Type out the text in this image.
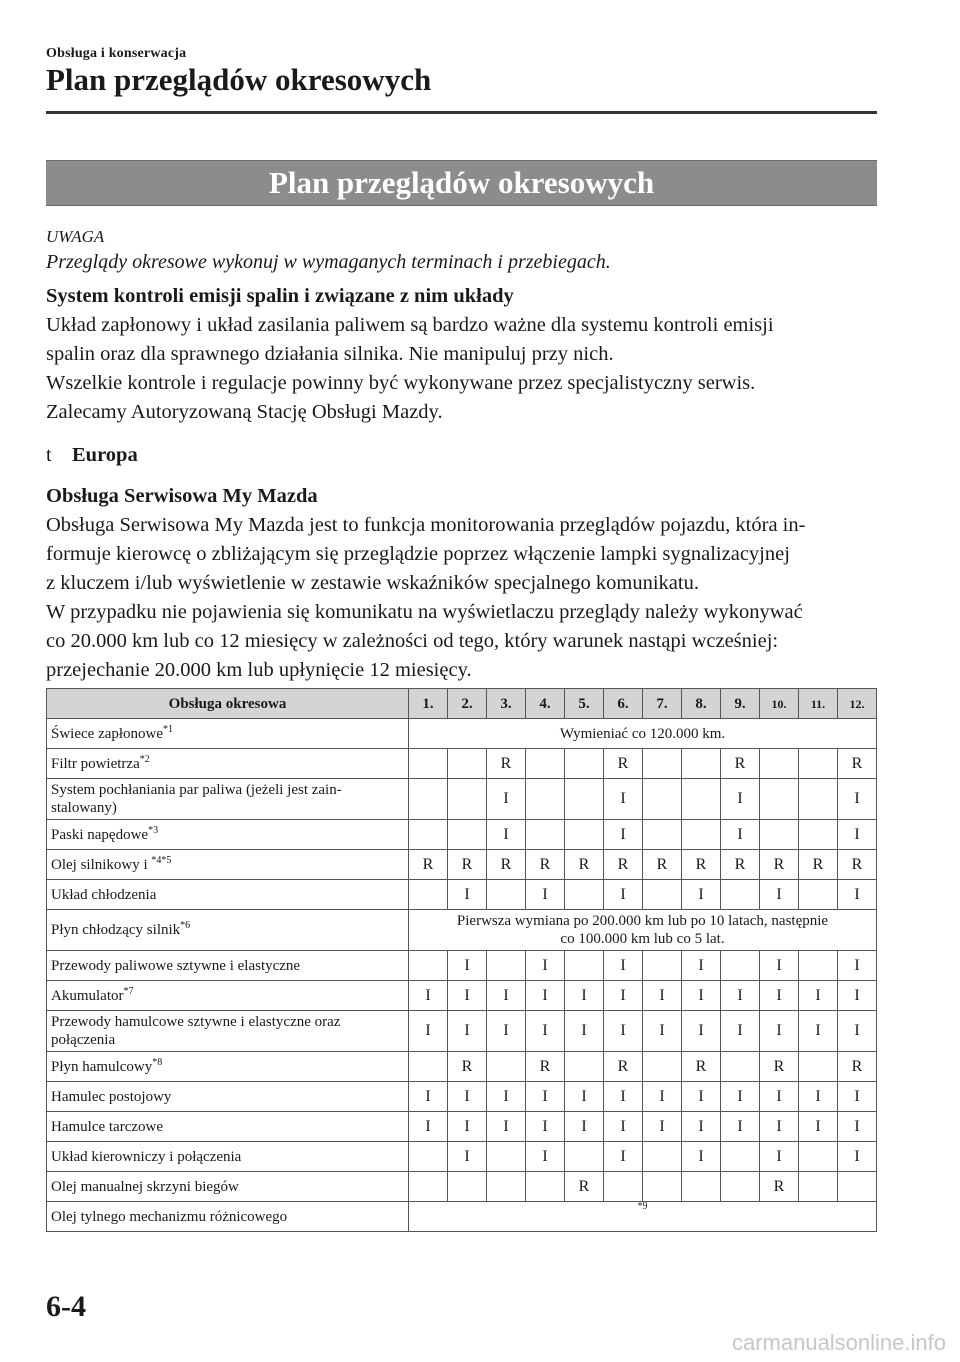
Obsługa i konserwacja
Plan przeglądów okresowych
Plan przeglądów okresowych
UWAGA
Przeglądy okresowe wykonuj w wymaganych terminach i przebiegach.
System kontroli emisji spalin i związane z nim układy

Układ zapłonowy i układ zasilania paliwem są bardzo ważne dla systemu kontroli emisji

spalin oraz dla sprawnego działania silnika. Nie manipuluj przy nich.

Wszelkie kontrole i regulacje powinny być wykonywane przez specjalistyczny serwis.

Zalecamy Autoryzowaną Stację Obsługi Mazdy.

t Europa
Obsługa Serwisowa My Mazda

Obsługa Serwisowa My Mazda jest to funkcja monitorowania przeglądów pojazdu, która in-

formuje kierowcę o zbliżającym się przeglądzie poprzez włączenie lampki sygnalizacyjnej

z kluczem i/lub wyświetlenie w zestawie wskaźników specjalnego komunikatu.

W przypadku nie pojawienia się komunikatu na wyświetlaczu przeglądy należy wykonywać

co 20.000 km lub co 12 miesięcy w zależności od tego, który warunek nastąpi wcześniej:

przejechanie 20.000 km lub upłynięcie 12 miesięcy.

Obsługa okresowa	1.	2.	3.	4.	5.	6.	7.	8.	9.	10.	11.	12.
Świece zapłonowe$^{*1}$	Wymieniać co 120.000 km.											
Filtr powietrza$^{*2}$			R			R			R			R
System pochłaniania par paliwa (jeżeli jest zain-
stalowany)			I			I			I			I
Paski napędowe$^{*3}$			I			I			I			I
Olej silnikowy i $^{*4*5}$	R	R	R	R	R	R	R	R	R	R	R	R
Układ chłodzenia		I		I		I		I		I		I
Płyn chłodzący silnik$^{*6}$	Pierwsza wymiana po 200.000 km lub po 10 latach, następnie
co 100.000 km lub co 5 lat.											
Przewody paliwowe sztywne i elastyczne		I		I		I		I		I		I
Akumulator$^{*7}$	I	I	I	I	I	I	I	I	I	I	I	I
Przewody hamulcowe sztywne i elastyczne oraz
połączenia	I	I	I	I	I	I	I	I	I	I	I	I
Płyn hamulcowy$^{*8}$		R		R		R		R		R		R
Hamulec postojowy	I	I	I	I	I	I	I	I	I	I	I	I
Hamulce tarczowe	I	I	I	I	I	I	I	I	I	I	I	I
Układ kierowniczy i połączenia		I		I		I		I		I		I
Olej manualnej skrzyni biegów					R					R		
Olej tylnego mechanizmu różnicowego	$^{*9}$
6-4
carmanualsonline.info
